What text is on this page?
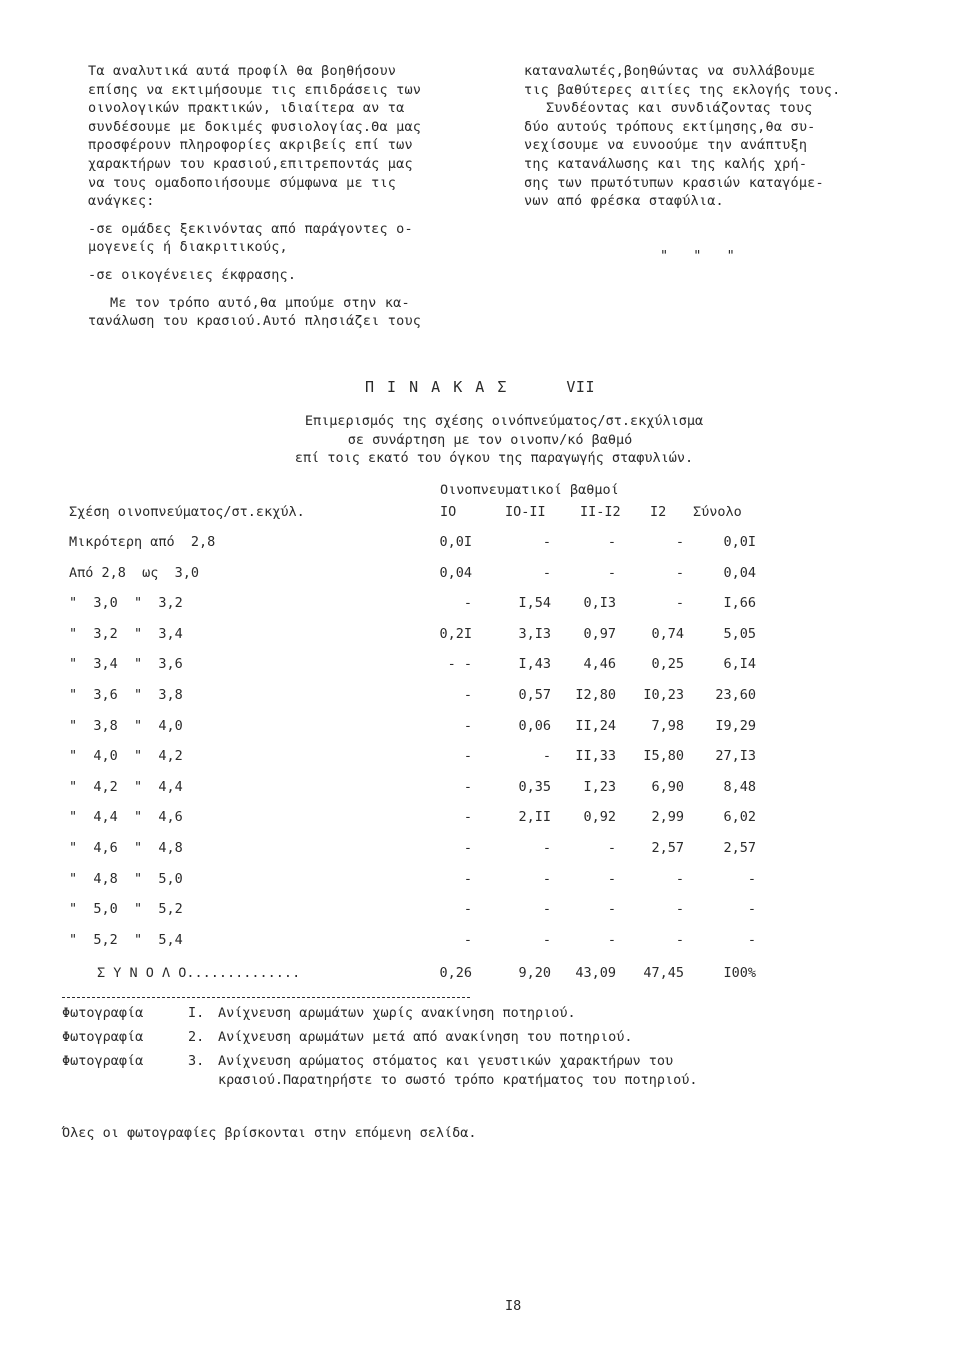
Τα αναλυτικά αυτά προφίλ θα βοηθήσουν
επίσης να εκτιμήσουμε τις επιδράσεις των
οινολογικών πρακτικών, ιδιαίτερα αν τα
συνδέσουμε με δοκιμές φυσιολογίας.Θα μας
προσφέρουν πληροφορίες ακριβείς επί των
χαρακτήρων του κρασιού,επιτρεποντάς μας
να τους ομαδοποιήσουμε σύμφωνα με τις
ανάγκες:
-σε ομάδες ξεκινόντας από παράγοντες ο-
μογενείς ή διακριτικούς,
-σε οικογένειες έκφρασης.
Με τον τρόπο αυτό,θα μπούμε στην κα-
τανάλωση του κρασιού.Αυτό πλησιάζει τους
καταναλωτές,βοηθώντας να συλλάβουμε
τις βαθύτερες αιτίες της εκλογής τους.
Συνδέοντας και συνδιάζοντας τους
δύο αυτούς τρόπους εκτίμησης,θα συ-
νεχίσουμε να ευνοούμε την ανάπτυξη
της κατανάλωσης και της καλής χρή-
σης των πρωτότυπων κρασιών καταγόμε-
νων από φρέσκα σταφύλια.
"   "   "
Π Ι Ν Α Κ Α Σ	VII
Επιμερισμός της σχέσης οινόπνεύματος/στ.εκχύλισμα
σε συνάρτηση με τον οινοπν/κό βαθμό
επί τοις εκατό του όγκου της παραγωγής σταφυλιών.
Οινοπνευματικοί βαθμοί
Σχέση οινοπνεύματος/στ.εκχύλ.	IO	IO-II	II-I2 I2 Σύνολο
Μικρότερη από  2,8	0,0I	-	-	-	0,0I
Από 2,8  ως  3,0	0,04	-	-	-	0,04
"  3,0  "  3,2	-	I,54	0,I3	-	I,66
"  3,2  "  3,4	0,2I	3,I3	0,97	0,74	5,05
"  3,4  "  3,6	- -	I,43	4,46	0,25	6,I4
"  3,6  "  3,8	-	0,57	I2,80	I0,23	23,60
"  3,8  "  4,0	-	0,06	II,24	7,98	I9,29
"  4,0  "  4,2	-	-	II,33	I5,80	27,I3
"  4,2  "  4,4	-	0,35	I,23	6,90	8,48
"  4,4  "  4,6	-	2,II	0,92	2,99	6,02
"  4,6  "  4,8	-	-	-	2,57	2,57
"  4,8  "  5,0	-	-	-	-	-
"  5,0  "  5,2	-	-	-	-	-
"  5,2  "  5,4	-	-	-	-	-
Σ Υ Ν Ο Λ Ο..............	0,26	9,20	43,09	47,45	I00%
Φωτογραφία	I. Ανίχνευση αρωμάτων χωρίς ανακίνηση ποτηριού.
Φωτογραφία	2. Ανίχνευση αρωμάτων μετά από ανακίνηση του ποτηριού.
Φωτογραφία	3. Ανίχνευση αρώματος στόματος και γευστικών χαρακτήρων του
κρασιού.Παρατηρήστε το σωστό τρόπο κρατήματος του ποτηριού.
Όλες οι φωτογραφίες βρίσκονται στην επόμενη σελίδα.
I8
